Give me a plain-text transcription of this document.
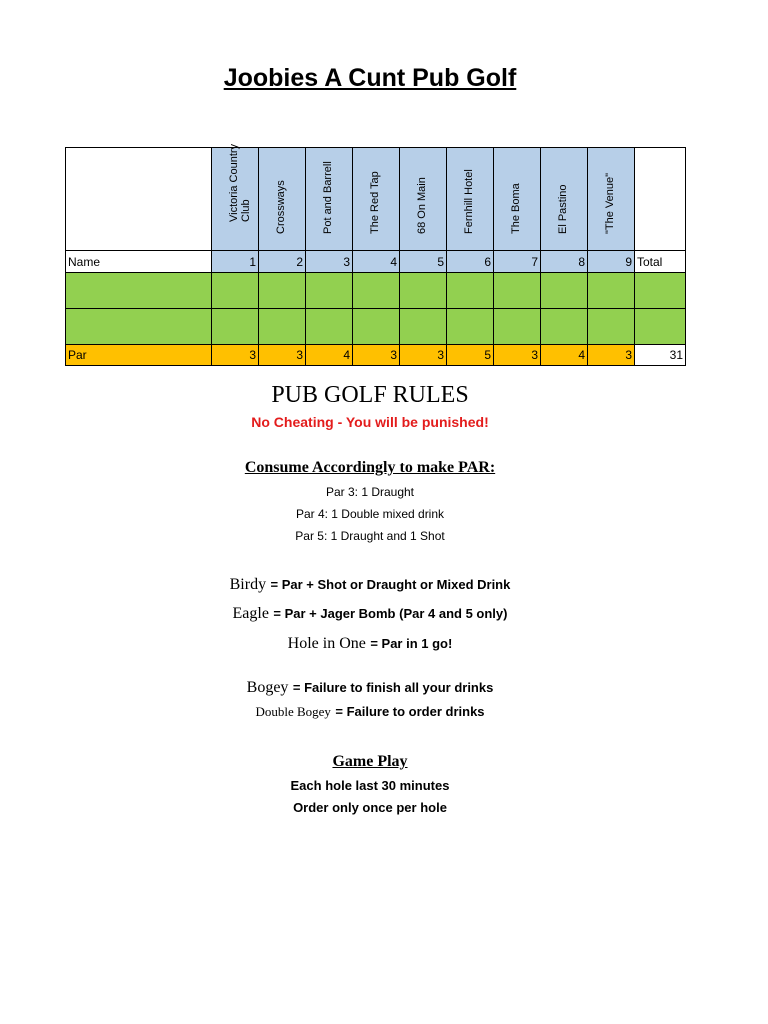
Joobies A Cunt Pub Golf

	Victoria Country Club	Crossways	Pot and Barrell	The Red Tap	68 On Main	Fernhill Hotel	The Boma	El Pastino	"The Venue"	

Name	1	2	3	4	5	6	7	8	9	Total

Par	3	3	4	3	3	5	3	4	3	31
PUB GOLF RULES
No Cheating - You will be punished!
Consume Accordingly to make PAR:
Par 3: 1 Draught
Par 4: 1 Double mixed drink
Par 5: 1 Draught and 1 Shot
Birdy = Par + Shot or Draught or Mixed Drink
Eagle = Par + Jager Bomb (Par 4 and 5 only)
Hole in One = Par in 1 go!
Bogey = Failure to finish all your drinks
Double Bogey = Failure to order drinks
Game Play
Each hole last 30 minutes
Order only once per hole
